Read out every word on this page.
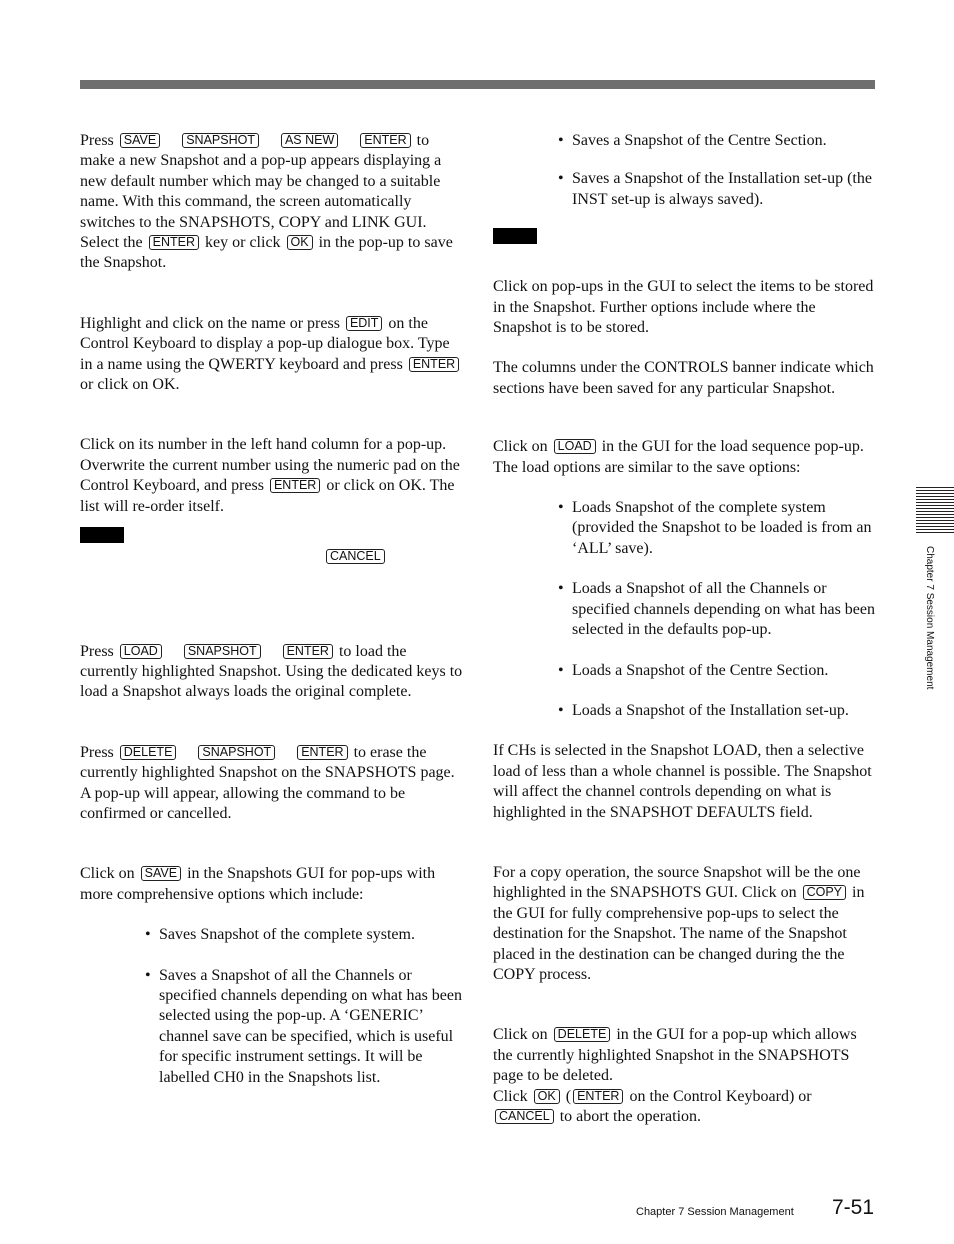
Press SAVE SNAPSHOT AS NEW ENTER to make a new Snapshot and a pop-up appears displaying a new default number which may be changed to a suitable name. With this command, the screen automatically switches to the SNAPSHOTS, COPY and LINK GUI. Select the ENTER key or click OK in the pop-up to save the Snapshot.

Highlight and click on the name or press EDIT on the Control Keyboard to display a pop-up dialogue box. Type in a name using the QWERTY keyboard and press ENTER or click on OK.

Click on its number in the left hand column for a pop-up. Overwrite the current number using the numeric pad on the Control Keyboard, and press ENTER or click on OK. The list will re-order itself.

CANCEL

Press LOAD SNAPSHOT ENTER to load the currently highlighted Snapshot. Using the dedicated keys to load a Snapshot always loads the original complete.

Press DELETE SNAPSHOT ENTER to erase the currently highlighted Snapshot on the SNAPSHOTS page. A pop-up will appear, allowing the command to be confirmed or cancelled.

Click on SAVE in the Snapshots GUI for pop-ups with more comprehensive options which include:

• Saves Snapshot of the complete system.
• Saves a Snapshot of all the Channels or specified channels depending on what has been selected using the pop-up. A ‘GENERIC’ channel save can be specified, which is useful for specific instrument settings. It will be labelled CH0 in the Snapshots list.
• Saves a Snapshot of the Centre Section.
• Saves a Snapshot of the Installation set-up (the INST set-up is always saved).

Click on pop-ups in the GUI to select the items to be stored in the Snapshot. Further options include where the Snapshot is to be stored.

The columns under the CONTROLS banner indicate which sections have been saved for any particular Snapshot.

Click on LOAD in the GUI for the load sequence pop-up. The load options are similar to the save options:

• Loads Snapshot of the complete system (provided the Snapshot to be loaded is from an ‘ALL’ save).
• Loads a Snapshot of all the Channels or specified channels depending on what has been selected in the defaults pop-up.
• Loads a Snapshot of the Centre Section.
• Loads a Snapshot of the Installation set-up.

If CHs is selected in the Snapshot LOAD, then a selective load of less than a whole channel is possible. The Snapshot will affect the channel controls depending on what is highlighted in the SNAPSHOT DEFAULTS field.

For a copy operation, the source Snapshot will be the one highlighted in the SNAPSHOTS GUI. Click on COPY in the GUI for fully comprehensive pop-ups to select the destination for the Snapshot. The name of the Snapshot placed in the destination can be changed during the the COPY process.

Click on DELETE in the GUI for a pop-up which allows the currently highlighted Snapshot in the SNAPSHOTS page to be deleted.
Click OK ( ENTER on the Control Keyboard) or
CANCEL to abort the operation.

Chapter 7 Session Management
Chapter 7 Session Management 7-51
